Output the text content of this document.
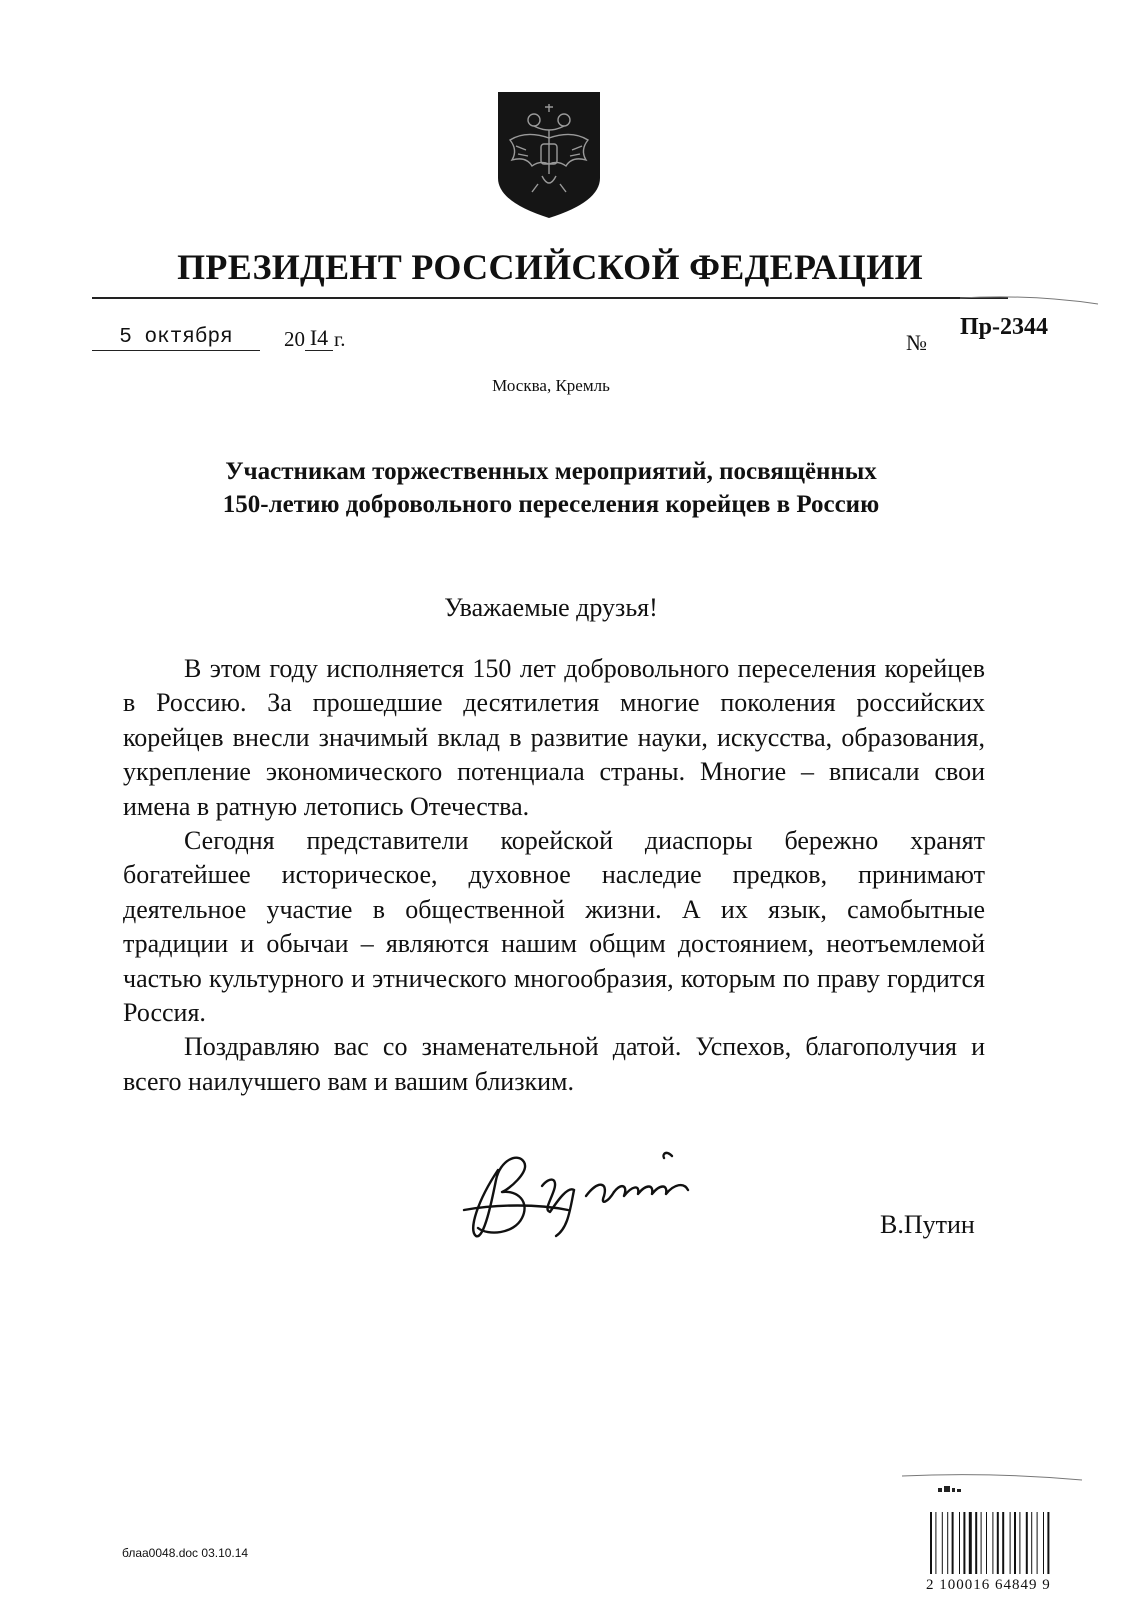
ПРЕЗИДЕНТ РОССИЙСКОЙ ФЕДЕРАЦИИ
5 октября 20 I4 г.	№
Пр-2344
Москва, Кремль
Участникам торжественных мероприятий, посвящённых
150-летию добровольного переселения корейцев в Россию
Уважаемые друзья!

В этом году исполняется 150 лет добровольного переселения корейцев в Россию. За прошедшие десятилетия многие поколения российских корейцев внесли значимый вклад в развитие науки, искусства, образования, укрепление экономического потенциала страны. Многие – вписали свои имена в ратную летопись Отечества.

Сегодня представители корейской диаспоры бережно хранят богатейшее историческое, духовное наследие предков, принимают деятельное участие в общественной жизни. А их язык, самобытные традиции и обычаи – являются нашим общим достоянием, неотъемлемой частью культурного и этнического многообразия, которым по праву гордится Россия.

Поздравляю вас со знаменательной датой. Успехов, благополучия и всего наилучшего вам и вашим близким.

В.Путин
блаа0048.doc 03.10.14
2 100016 64849 9
